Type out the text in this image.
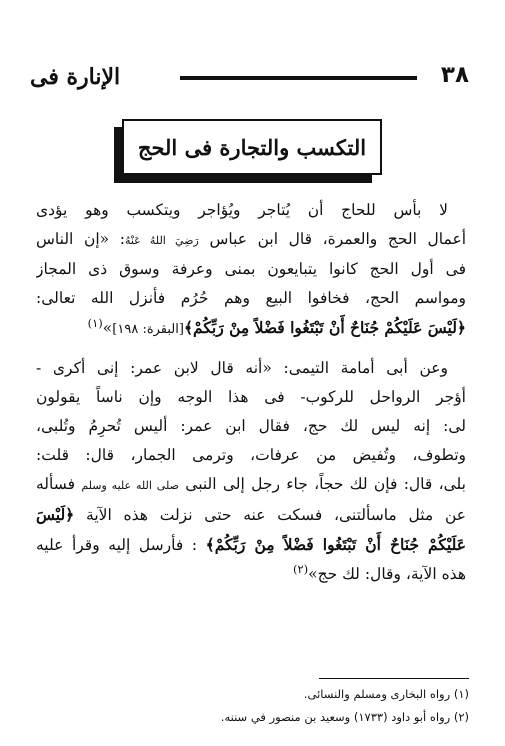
الإنارة فى	٣٨
التكسب والتجارة فى الحج
لا بأس للحاج أن يُتاجر ويُؤاجر ويتكسب وهو يؤدى
أعمال الحج والعمرة، قال ابن عباس رَضِيَ اللهُ عَنْهُ: «إن الناس
فى أول الحج كانوا يتبايعون بمنى وعرفة وسوق ذى المجاز
ومواسم الحج، فخافوا البيع وهم حُرُم فأنزل الله تعالى:
﴿لَيْسَ عَلَيْكُمْ جُنَاحٌ أَنْ تَبْتَغُوا فَضْلاً مِنْ رَبِّكُمْ﴾[البقرة: ١٩٨]»$^{(١)}$
وعن أبى أمامة التيمى: «أنه قال لابن عمر: إنى أكرى -
أؤجر الرواحل للركوب- فى هذا الوجه وإن ناساً يقولون
لى: إنه ليس لك حج، فقال ابن عمر: أليس تُحرِمُ وتُلبى،
وتطوف، وتُفيض من عرفات، وترمى الجمار، قال: قلت:
بلى، قال: فإن لك حجاً، جاء رجل إلى النبى صلى الله عليه وسلم فسأله
عن مثل ماسألتنى، فسكت عنه حتى نزلت هذه الآية ﴿لَيْسَ
عَلَيْكُمْ جُنَاحٌ أَنْ تَبْتَغُوا فَضْلاً مِنْ رَبِّكُمْ﴾ : فأرسل إليه وقرأ عليه
هذه الآية، وقال: لك حج»$^{(٢)}$
(١) رواه البخارى ومسلم والنسائى.
(٢) رواه أبو داود (١٧٣٣) وسعيد بن منصور في سننه.
